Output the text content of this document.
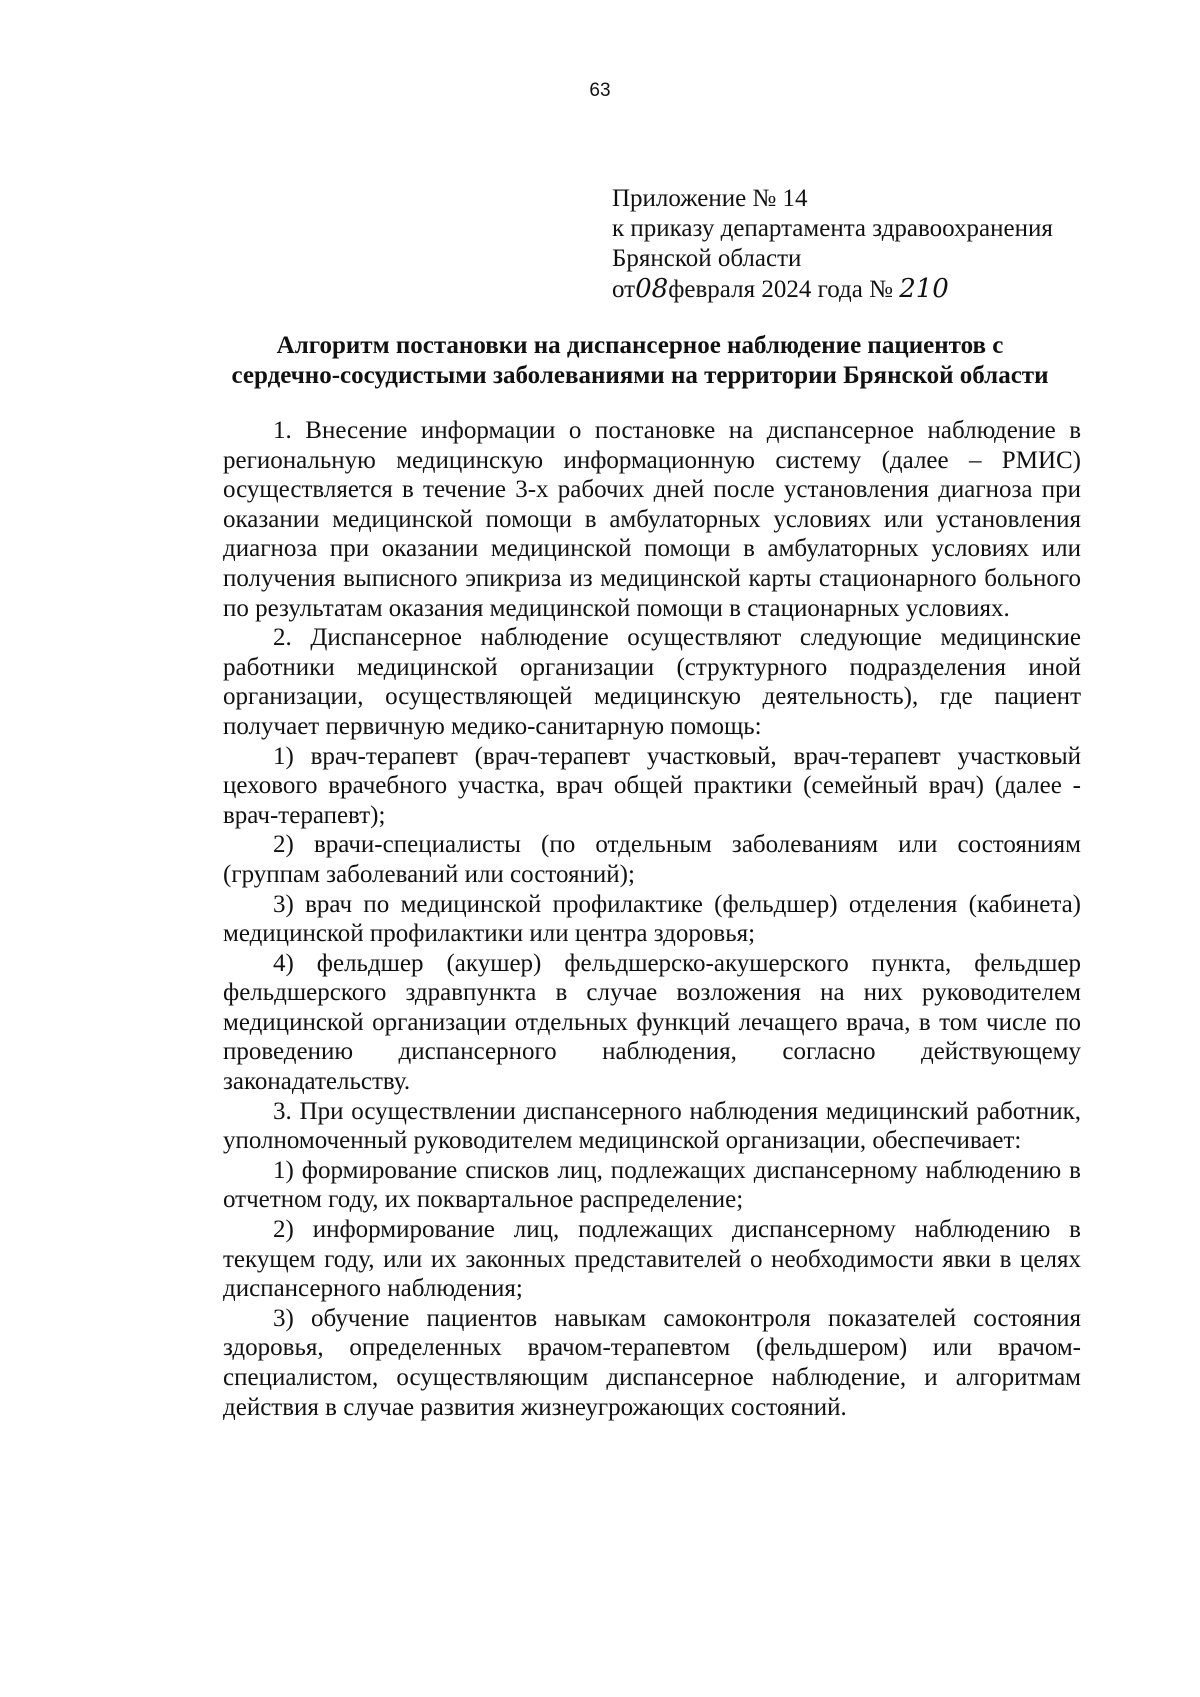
63
Приложение № 14
к приказу департамента здравоохранения
Брянской области
от08февраля 2024 года № 210
Алгоритм постановки на диспансерное наблюдение пациентов с
сердечно-сосудистыми заболеваниями на территории Брянской области

1. Внесение информации о постановке на диспансерное наблюдение в региональную медицинскую информационную систему (далее – РМИС) осуществляется в течение 3-х рабочих дней после установления диагноза при оказании медицинской помощи в амбулаторных условиях или установления диагноза при оказании медицинской помощи в амбулаторных условиях или получения выписного эпикриза из медицинской карты стационарного больного по результатам оказания медицинской помощи в стационарных условиях.

2. Диспансерное наблюдение осуществляют следующие медицинские работники медицинской организации (структурного подразделения иной организации, осуществляющей медицинскую деятельность), где пациент получает первичную медико-санитарную помощь:

1) врач-терапевт (врач-терапевт участковый, врач-терапевт участковый цехового врачебного участка, врач общей практики (семейный врач) (далее - врач-терапевт);

2) врачи-специалисты (по отдельным заболеваниям или состояниям (группам заболеваний или состояний);

3) врач по медицинской профилактике (фельдшер) отделения (кабинета) медицинской профилактики или центра здоровья;

4) фельдшер (акушер) фельдшерско-акушерского пункта, фельдшер фельдшерского здравпункта в случае возложения на них руководителем медицинской организации отдельных функций лечащего врача, в том числе по проведению диспансерного наблюдения, согласно действующему законадательству.

3. При осуществлении диспансерного наблюдения медицинский работник, уполномоченный руководителем медицинской организации, обеспечивает:

1) формирование списков лиц, подлежащих диспансерному наблюдению в отчетном году, их поквартальное распределение;

2) информирование лиц, подлежащих диспансерному наблюдению в текущем году, или их законных представителей о необходимости явки в целях диспансерного наблюдения;

3) обучение пациентов навыкам самоконтроля показателей состояния здоровья, определенных врачом-терапевтом (фельдшером) или врачом-специалистом, осуществляющим диспансерное наблюдение, и алгоритмам действия в случае развития жизнеугрожающих состояний.
